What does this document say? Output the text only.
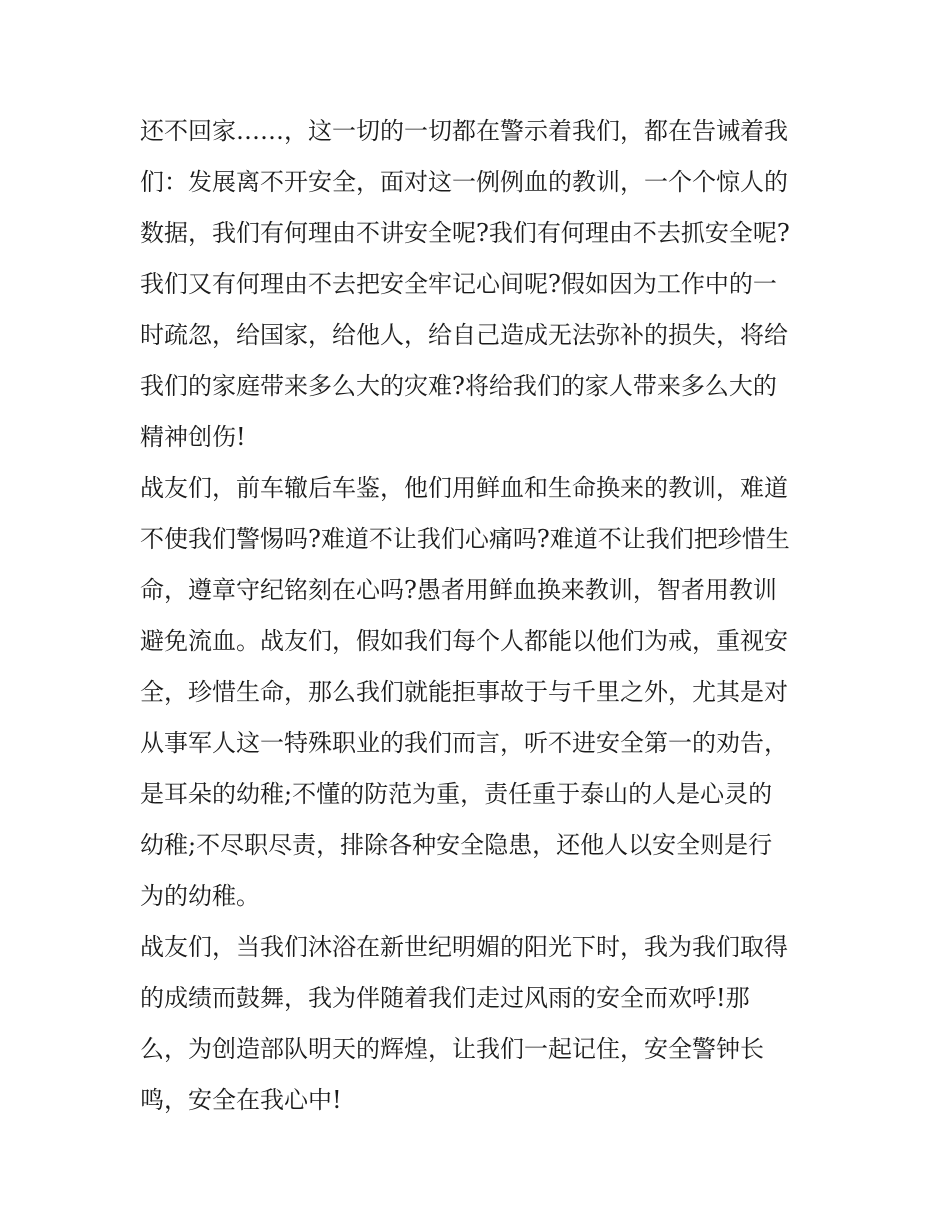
还不回家……，这一切的一切都在警示着我们，都在告诫着我
们：发展离不开安全，面对这一例例血的教训，一个个惊人的
数据，我们有何理由不讲安全呢?我们有何理由不去抓安全呢?
我们又有何理由不去把安全牢记心间呢?假如因为工作中的一
时疏忽，给国家，给他人，给自己造成无法弥补的损失，将给
我们的家庭带来多么大的灾难?将给我们的家人带来多么大的
精神创伤!
战友们，前车辙后车鉴，他们用鲜血和生命换来的教训，难道
不使我们警惕吗?难道不让我们心痛吗?难道不让我们把珍惜生
命，遵章守纪铭刻在心吗?愚者用鲜血换来教训，智者用教训
避免流血。战友们，假如我们每个人都能以他们为戒，重视安
全，珍惜生命，那么我们就能拒事故于与千里之外，尤其是对
从事军人这一特殊职业的我们而言，听不进安全第一的劝告，
是耳朵的幼稚;不懂的防范为重，责任重于泰山的人是心灵的
幼稚;不尽职尽责，排除各种安全隐患，还他人以安全则是行
为的幼稚。
战友们，当我们沐浴在新世纪明媚的阳光下时，我为我们取得
的成绩而鼓舞，我为伴随着我们走过风雨的安全而欢呼!那
么，为创造部队明天的辉煌，让我们一起记住，安全警钟长
鸣，安全在我心中!
